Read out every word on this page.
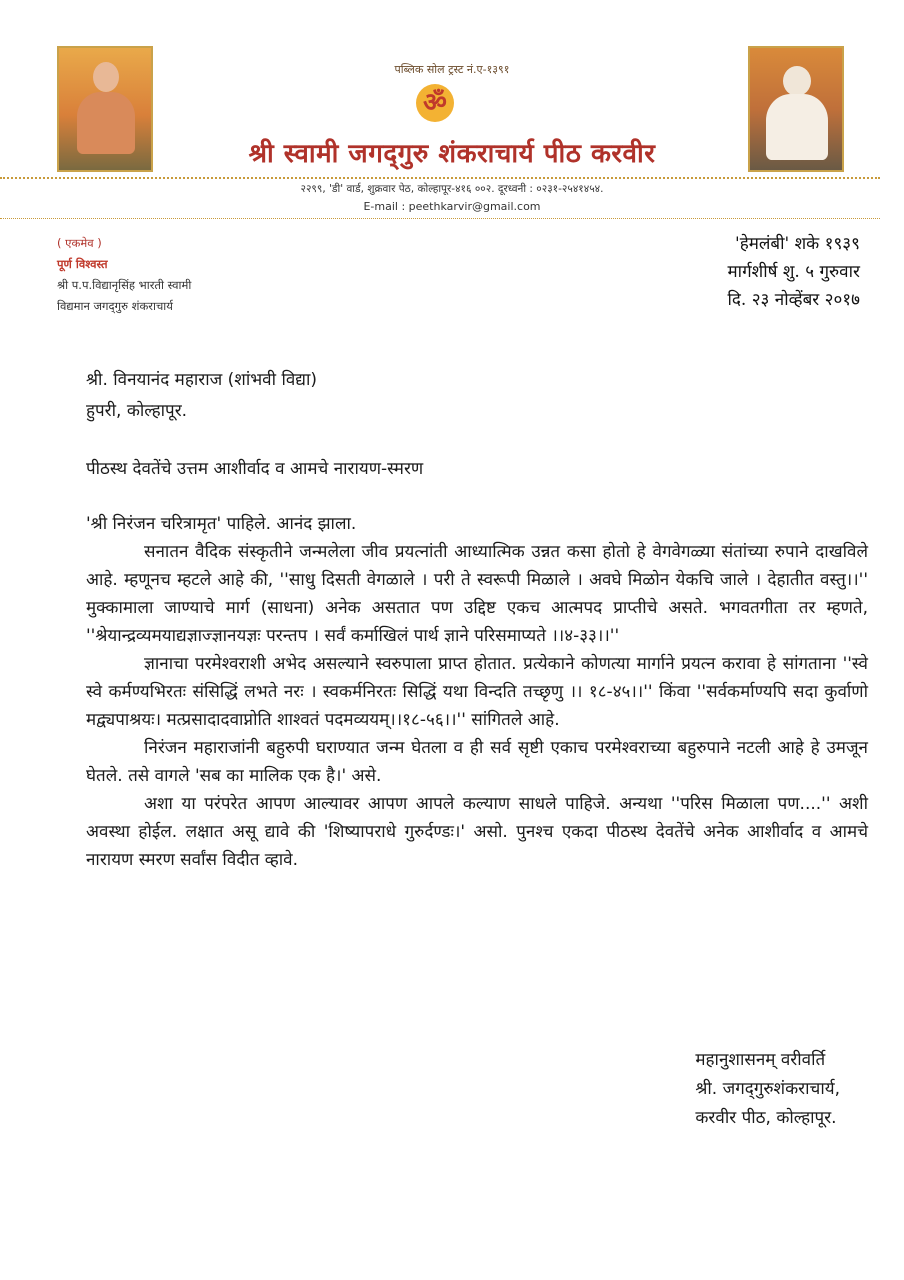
पब्लिक सोल ट्रस्ट नं.ए-१३९१
ॐ
श्री स्वामी जगद्‌गुरु शंकराचार्य पीठ करवीर
२२९९, 'डी' वार्ड, शुक्रवार पेठ, कोल्हापूर-४१६ ००२. दूरध्वनी : ०२३१-२५४१४५४.
E-mail : peethkarvir@gmail.com
( एकमेव )
पूर्ण विश्वस्त
श्री प.प.विद्यानृसिंह भारती स्वामी
विद्यमान जगद्‌गुरु शंकराचार्य
'हेमलंबी' शके १९३९
मार्गशीर्ष शु. ५ गुरुवार
दि. २३ नोव्हेंबर २०१७
श्री. विनयानंद महाराज (शांभवी विद्या)
हुपरी, कोल्हापूर.
पीठस्थ देवतेंचे उत्तम आशीर्वाद व आमचे नारायण-स्मरण

'श्री निरंजन चरित्रामृत' पाहिले. आनंद झाला.

सनातन वैदिक संस्कृतीने जन्मलेला जीव प्रयत्नांती आध्यात्मिक उन्नत कसा होतो हे वेगवेगळ्या संतांच्या रुपाने दाखविले आहे. म्हणूनच म्हटले आहे की, ''साधु दिसती वेगळाले । परी ते स्वरूपी मिळाले । अवघे मिळोन येकचि जाले । देहातीत वस्तु।।'' मुक्कामाला जाण्याचे मार्ग (साधना) अनेक असतात पण उद्दिष्ट एकच आत्मपद प्राप्तीचे असते. भगवतगीता तर म्हणते, ''श्रेयान्द्रव्यमयाद्यज्ञाज्ज्ञानयज्ञः परन्तप । सर्वं कर्माखिलं पार्थ ज्ञाने परिसमाप्यते ।।४-३३।।''

ज्ञानाचा परमेश्वराशी अभेद असल्याने स्वरुपाला प्राप्त होतात. प्रत्येकाने कोणत्या मार्गाने प्रयत्न करावा हे सांगताना ''स्वे स्वे कर्मण्यभिरतः संसिद्धिं लभते नरः । स्वकर्मनिरतः सिद्धिं यथा विन्दति तच्छृणु ।। १८-४५।।'' किंवा ''सर्वकर्माण्यपि सदा कुर्वाणो मद्व्यपाश्रयः। मत्प्रसादादवाप्नोति शाश्वतं पदमव्ययम्।।१८-५६।।'' सांगितले आहे.

निरंजन महाराजांनी बहुरुपी घराण्यात जन्म घेतला व ही सर्व सृष्टी एकाच परमेश्वराच्या बहुरुपाने नटली आहे हे उमजून घेतले. तसे वागले 'सब का मालिक एक है।' असे.

अशा या परंपरेत आपण आल्यावर आपण आपले कल्याण साधले पाहिजे. अन्यथा ''परिस मिळाला पण....'' अशी अवस्था होईल. लक्षात असू द्यावे की 'शिष्यापराधे गुरुर्दण्डः।' असो. पुनश्च एकदा पीठस्थ देवतेंचे अनेक आशीर्वाद व आमचे नारायण स्मरण सर्वांस विदीत व्हावे.

महानुशासनम् वरीवर्ति
श्री. जगद्‌गुरुशंकराचार्य,
करवीर पीठ, कोल्हापूर.
